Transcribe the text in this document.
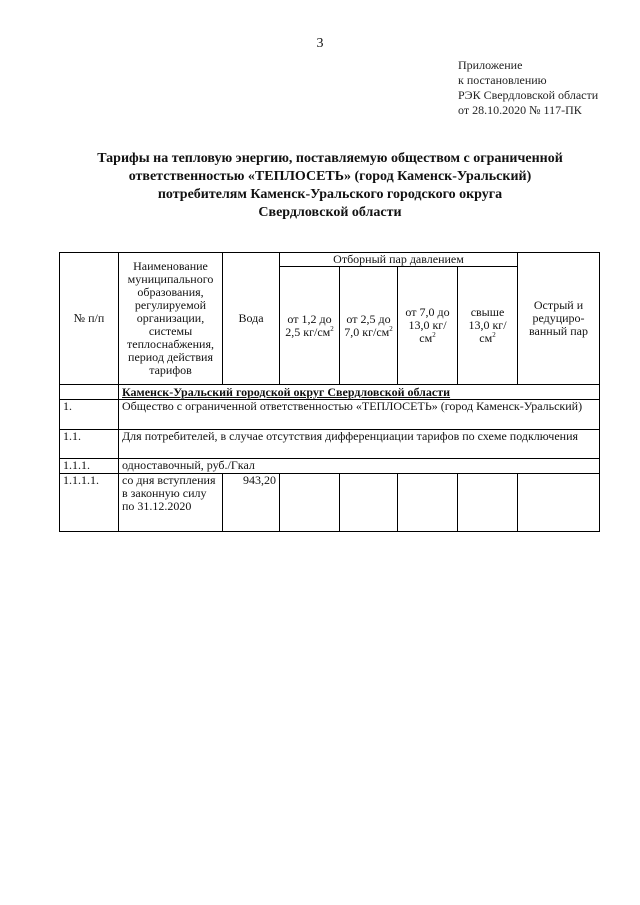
3
Приложение
к постановлению
РЭК Свердловской области
от 28.10.2020 № 117-ПК
Тарифы на тепловую энергию, поставляемую обществом с ограниченной
ответственностью «ТЕПЛОСЕТЬ» (город Каменск-Уральский)
потребителям Каменск-Уральского городского округа
Свердловской области
№ п/п	Наименование муниципального образования, регулируемой организации, системы теплоснабжения, период действия тарифов	Вода	Отборный пар давлением				Острый и редуциро-ванный пар
			от 1,2 до 2,5 $кг/см^2$	от 2,5 до 7,0 $кг/см^2$	от 7,0 до 13,0 $кг/см^2$	свыше 13,0 $кг/см^2$
	Каменск-Уральский городской округ Свердловской области						
1.	Общество с ограниченной ответственностью «ТЕПЛОСЕТЬ» (город Каменск-Уральский)						
1.1.	Для потребителей, в случае отсутствия дифференциации тарифов по схеме подключения						
1.1.1.	одноставочный, руб./Гкал						
1.1.1.1.	со дня вступления в законную силу по 31.12.2020	943,20					
